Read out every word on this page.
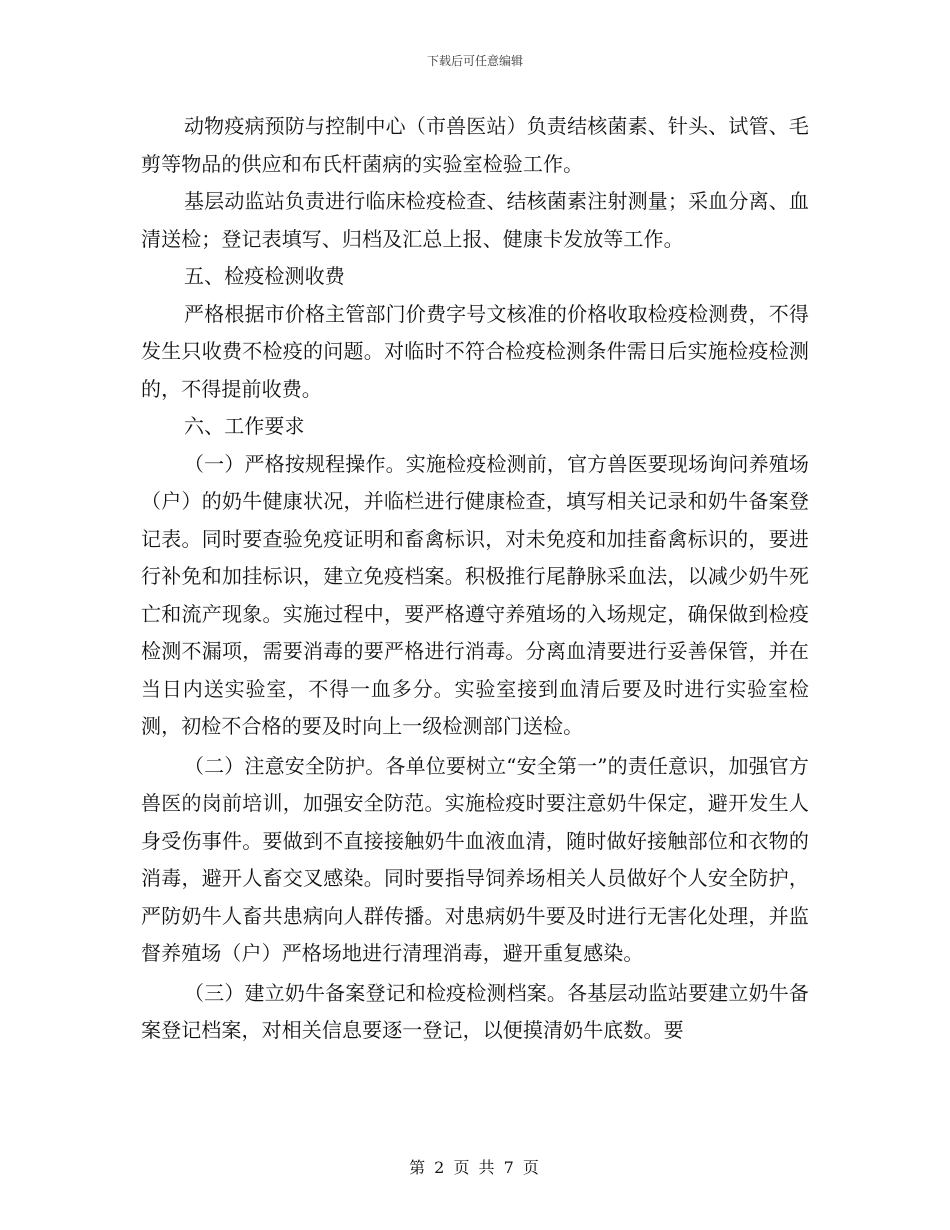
下载后可任意编辑

动物疫病预防与控制中心（市兽医站）负责结核菌素、针头、试管、毛剪等物品的供应和布氏杆菌病的实验室检验工作。

基层动监站负责进行临床检疫检查、结核菌素注射测量；采血分离、血清送检；登记表填写、归档及汇总上报、健康卡发放等工作。

五、检疫检测收费

严格根据市价格主管部门价费字号文核准的价格收取检疫检测费，不得发生只收费不检疫的问题。对临时不符合检疫检测条件需日后实施检疫检测的，不得提前收费。

六、工作要求

（一）严格按规程操作。实施检疫检测前，官方兽医要现场询问养殖场（户）的奶牛健康状况，并临栏进行健康检查，填写相关记录和奶牛备案登记表。同时要查验免疫证明和畜禽标识，对未免疫和加挂畜禽标识的，要进行补免和加挂标识，建立免疫档案。积极推行尾静脉采血法，以减少奶牛死亡和流产现象。实施过程中，要严格遵守养殖场的入场规定，确保做到检疫检测不漏项，需要消毒的要严格进行消毒。分离血清要进行妥善保管，并在当日内送实验室，不得一血多分。实验室接到血清后要及时进行实验室检测，初检不合格的要及时向上一级检测部门送检。

（二）注意安全防护。各单位要树立“安全第一”的责任意识，加强官方兽医的岗前培训，加强安全防范。实施检疫时要注意奶牛保定，避开发生人身受伤事件。要做到不直接接触奶牛血液血清，随时做好接触部位和衣物的消毒，避开人畜交叉感染。同时要指导饲养场相关人员做好个人安全防护，严防奶牛人畜共患病向人群传播。对患病奶牛要及时进行无害化处理，并监督养殖场（户）严格场地进行清理消毒，避开重复感染。

（三）建立奶牛备案登记和检疫检测档案。各基层动监站要建立奶牛备案登记档案，对相关信息要逐一登记，以便摸清奶牛底数。要

第 2 页 共 7 页
